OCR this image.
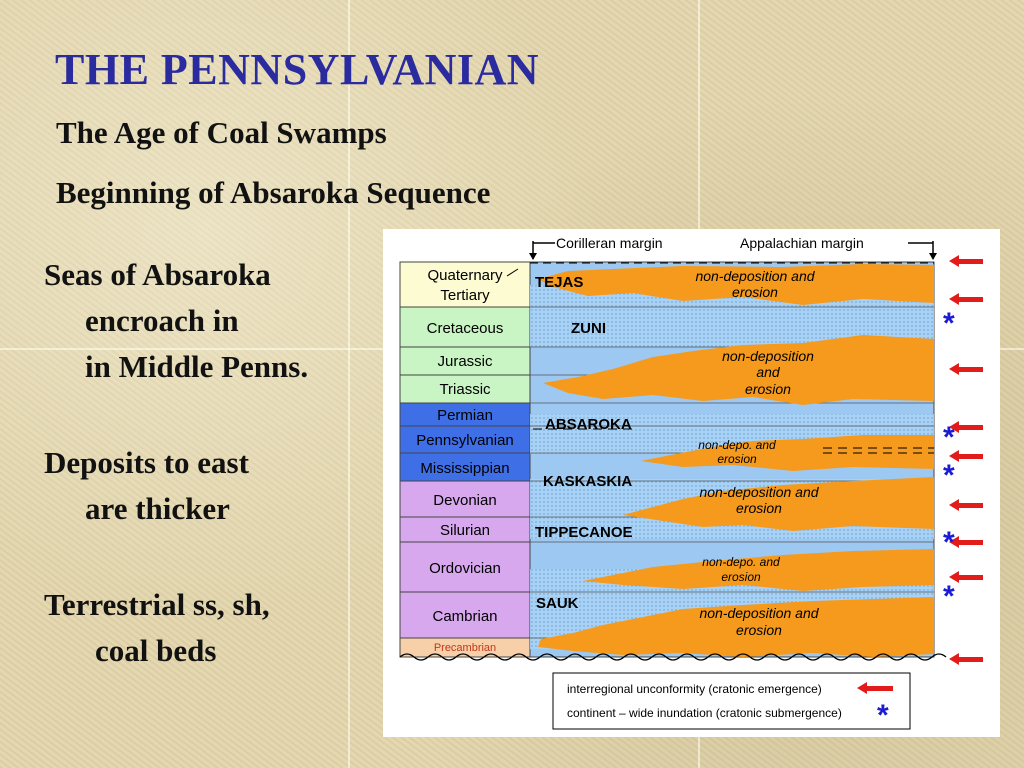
THE PENNSYLVANIAN
The Age of Coal Swamps
Beginning of Absaroka Sequence
Seas of Absaroka
encroach in
in Middle Penns.
Deposits to east
are thicker
Terrestrial ss, sh,
coal beds
Corilleran margin	Appalachian margin
Quaternary
Tertiary
Cretaceous
Jurassic
Triassic
Permian
Pennsylvanian
Mississippian
Devonian
Silurian
Ordovician
Cambrian
Precambrian
TEJAS
ZUNI
ABSAROKA
KASKASKIA
TIPPECANOE
SAUK
non-deposition and
erosion
non-deposition
and
erosion
non-depo. and
erosion
non-deposition and
erosion
non-depo. and
erosion
non-deposition and
erosion
*
*
*
*
*
interregional unconformity (cratonic emergence)
continent – wide inundation (cratonic submergence) *
